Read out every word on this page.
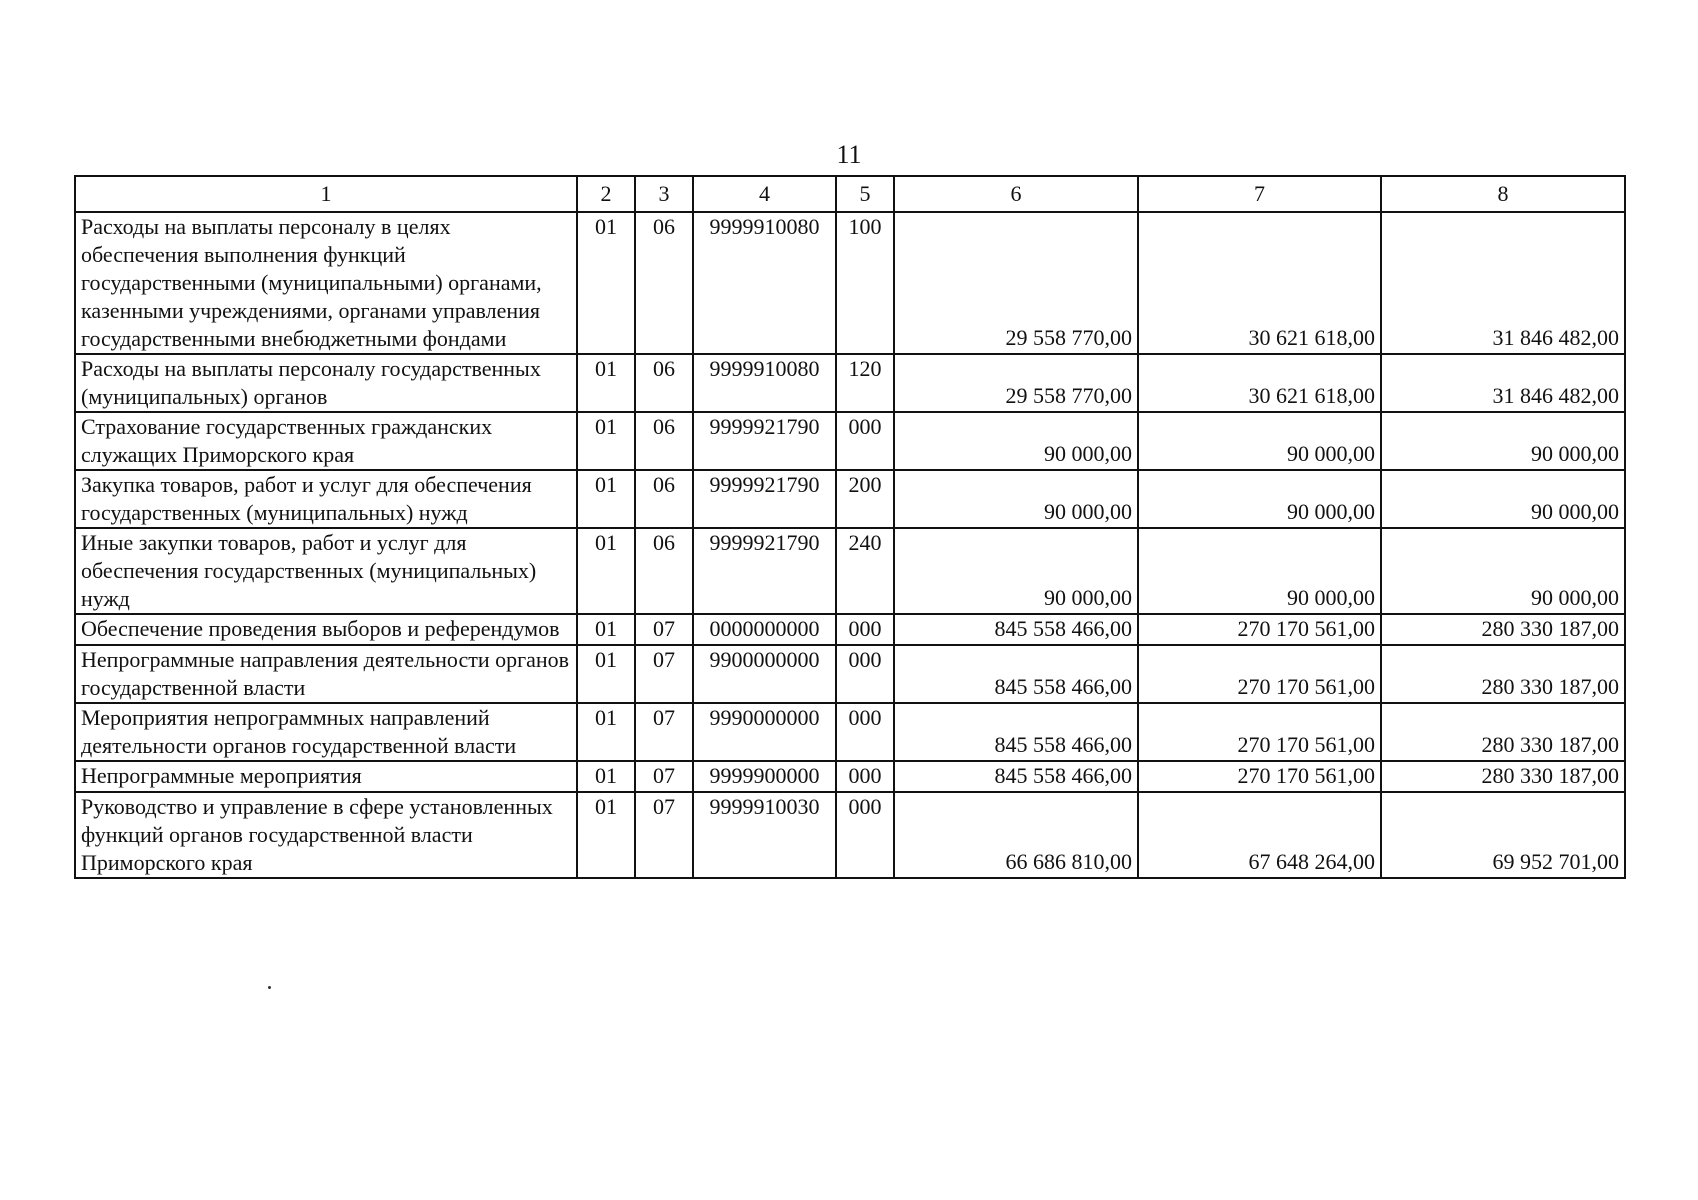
11
1	2	3	4	5	6	7	8
Расходы на выплаты персоналу в целях обеспечения выполнения функций государственными (муниципальными) органами, казенными учреждениями, органами управления государственными внебюджетными фондами	01	06	9999910080	100	29 558 770,00	30 621 618,00	31 846 482,00
Расходы на выплаты персоналу государственных (муниципальных) органов	01	06	9999910080	120	29 558 770,00	30 621 618,00	31 846 482,00
Страхование государственных гражданских служащих Приморского края	01	06	9999921790	000	90 000,00	90 000,00	90 000,00
Закупка товаров, работ и услуг для обеспечения государственных (муниципальных) нужд	01	06	9999921790	200	90 000,00	90 000,00	90 000,00
Иные закупки товаров, работ и услуг для обеспечения государственных (муниципальных) нужд	01	06	9999921790	240	90 000,00	90 000,00	90 000,00
Обеспечение проведения выборов и референдумов	01	07	0000000000	000	845 558 466,00	270 170 561,00	280 330 187,00
Непрограммные направления деятельности органов государственной власти	01	07	9900000000	000	845 558 466,00	270 170 561,00	280 330 187,00
Мероприятия непрограммных направлений деятельности органов государственной власти	01	07	9990000000	000	845 558 466,00	270 170 561,00	280 330 187,00
Непрограммные мероприятия	01	07	9999900000	000	845 558 466,00	270 170 561,00	280 330 187,00
Руководство и управление в сфере установленных функций органов государственной власти Приморского края	01	07	9999910030	000	66 686 810,00	67 648 264,00	69 952 701,00
